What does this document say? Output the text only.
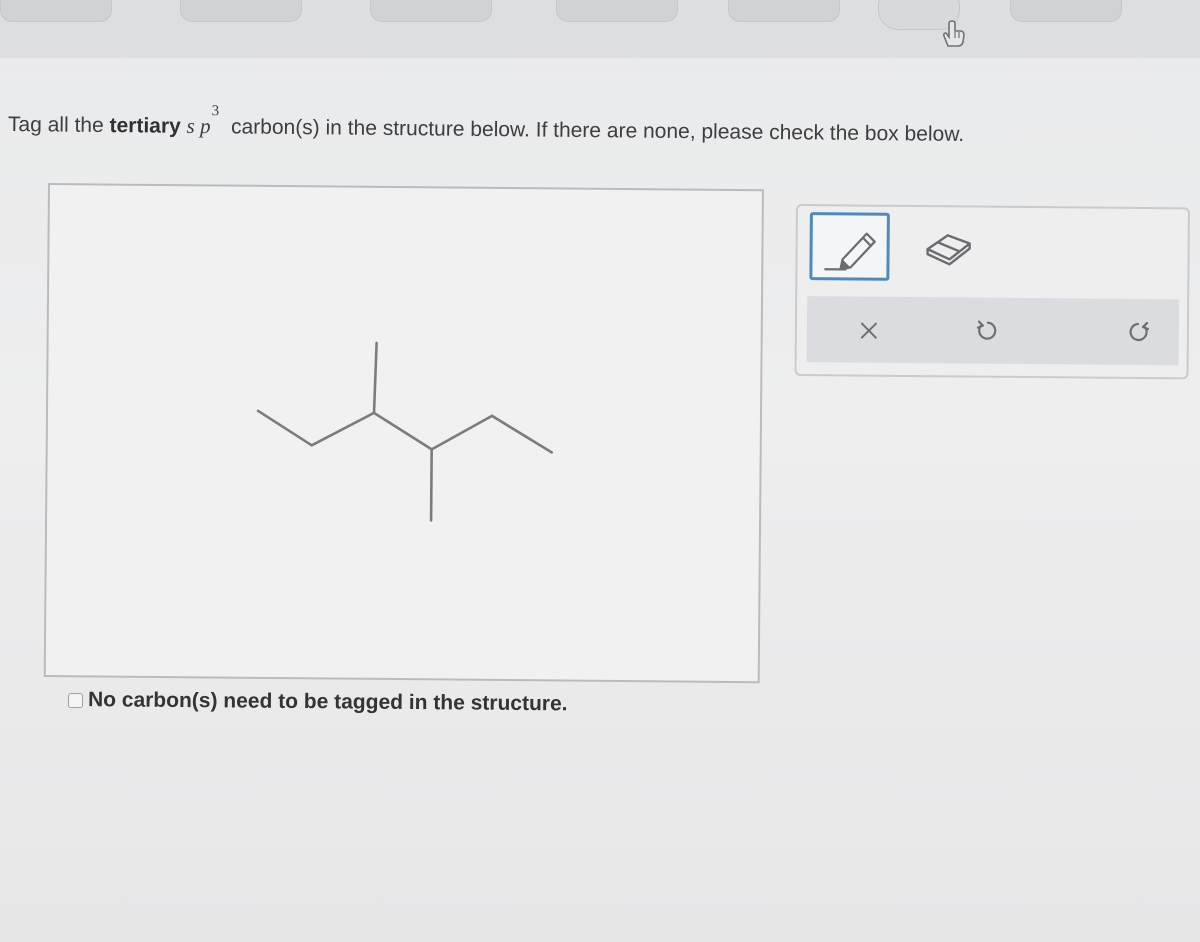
Tag all the tertiary s $p^3carbon(s)$ in the structure below. If there are none, please check the box below.
No carbon(s) need to be tagged in the structure.
